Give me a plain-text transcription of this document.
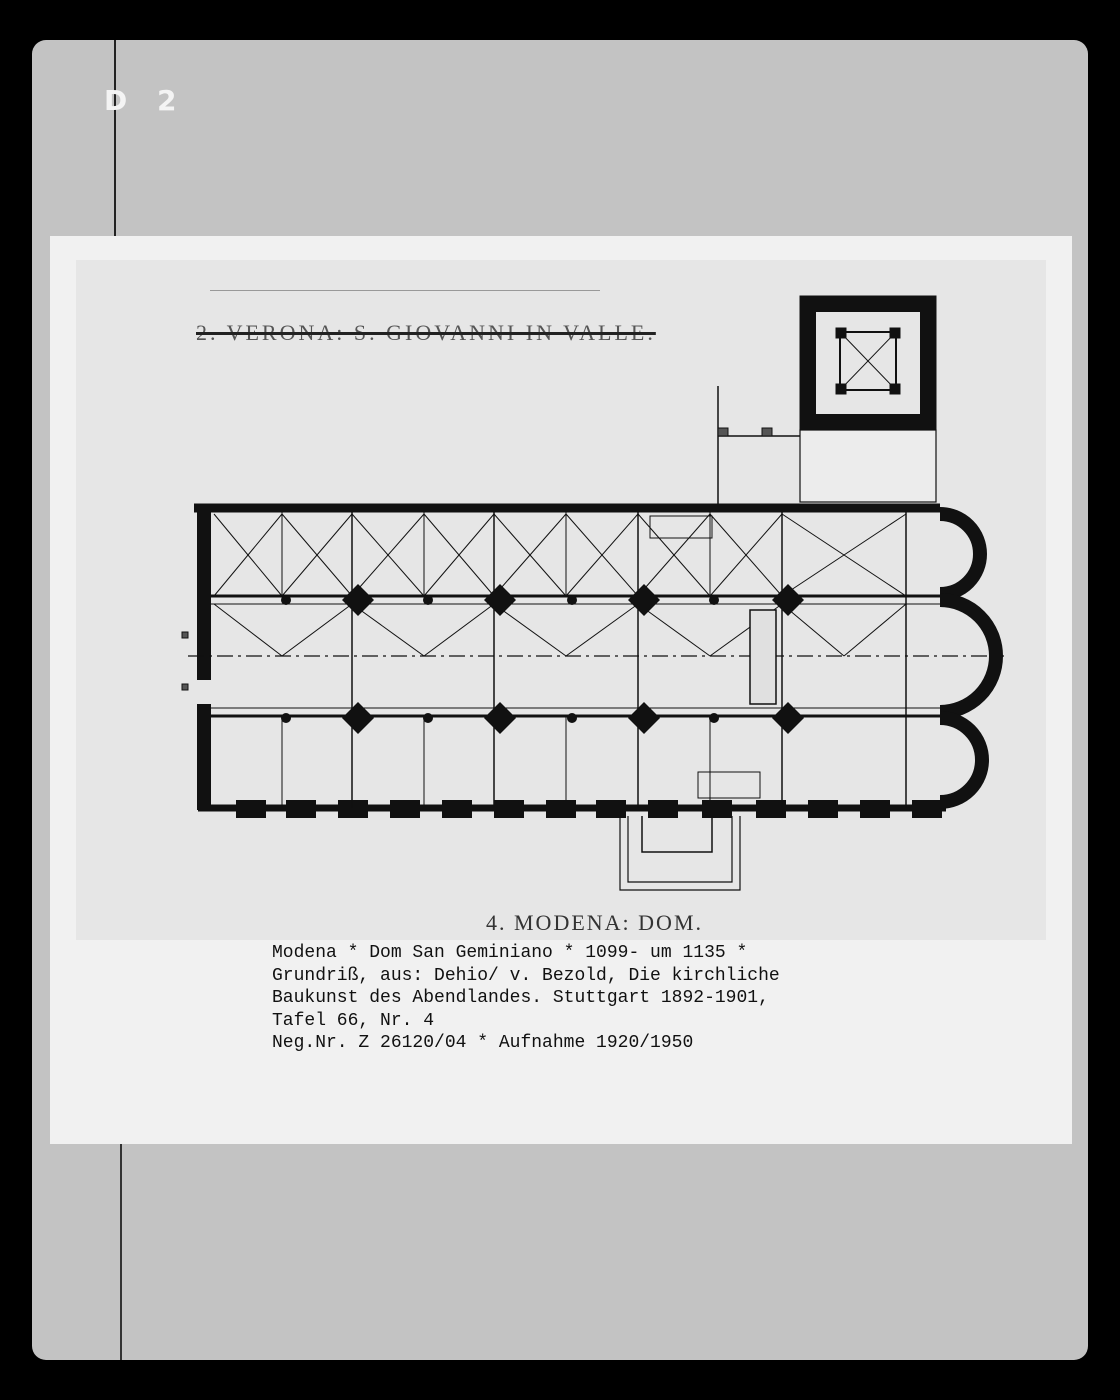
D 2
2. VERONA: S. GIOVANNI IN VALLE.
4. MODENA: DOM.
Modena * Dom San Geminiano * 1099- um 1135 *
Grundriß, aus: Dehio/ v. Bezold, Die kirchliche
Baukunst des Abendlandes. Stuttgart 1892-1901,
Tafel 66, Nr. 4
Neg.Nr. Z 26120/04 * Aufnahme 1920/1950
